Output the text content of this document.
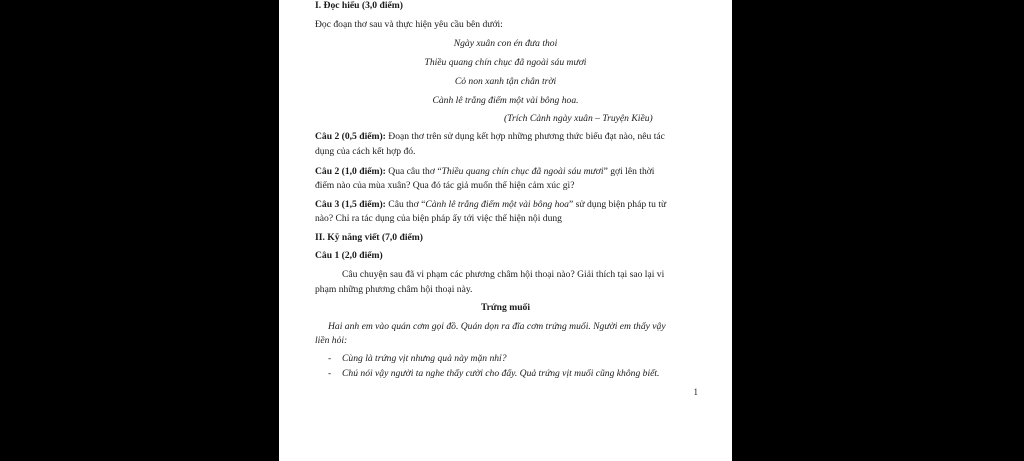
I. Đọc hiểu (3,0 điểm)
Đọc đoạn thơ sau và thực hiện yêu cầu bên dưới:
Ngày xuân con én đưa thoi
Thiều quang chín chục đã ngoài sáu mươi
Cỏ non xanh tận chân trời
Cành lê trắng điểm một vài bông hoa.
(Trích Cảnh ngày xuân – Truyện Kiều)
Câu 2 (0,5 điểm): Đoạn thơ trên sử dụng kết hợp những phương thức biểu đạt nào, nêu tác
dụng của cách kết hợp đó.
Câu 2 (1,0 điểm): Qua câu thơ “Thiều quang chín chục đã ngoài sáu mươi” gợi lên thời
điểm nào của mùa xuân? Qua đó tác giả muốn thể hiện cảm xúc gì?
Câu 3 (1,5 điểm): Câu thơ “Cành lê trắng điểm một vài bông hoa” sử dụng biện pháp tu từ
nào? Chỉ ra tác dụng của biện pháp ấy tới việc thể hiện nội dung
II. Kỹ năng viết (7,0 điểm)
Câu 1 (2,0 điểm)
Câu chuyện sau đã vi phạm các phương châm hội thoại nào? Giải thích tại sao lại vi
phạm những phương châm hội thoại này.
Trứng muối
Hai anh em vào quán cơm gọi đồ. Quán dọn ra đĩa cơm trứng muối. Người em thấy vậy
liền hỏi:
- Cùng là trứng vịt nhưng quả này mặn nhỉ?
- Chú nói vậy người ta nghe thấy cười cho đấy. Quả trứng vịt muối cũng không biết.
1
